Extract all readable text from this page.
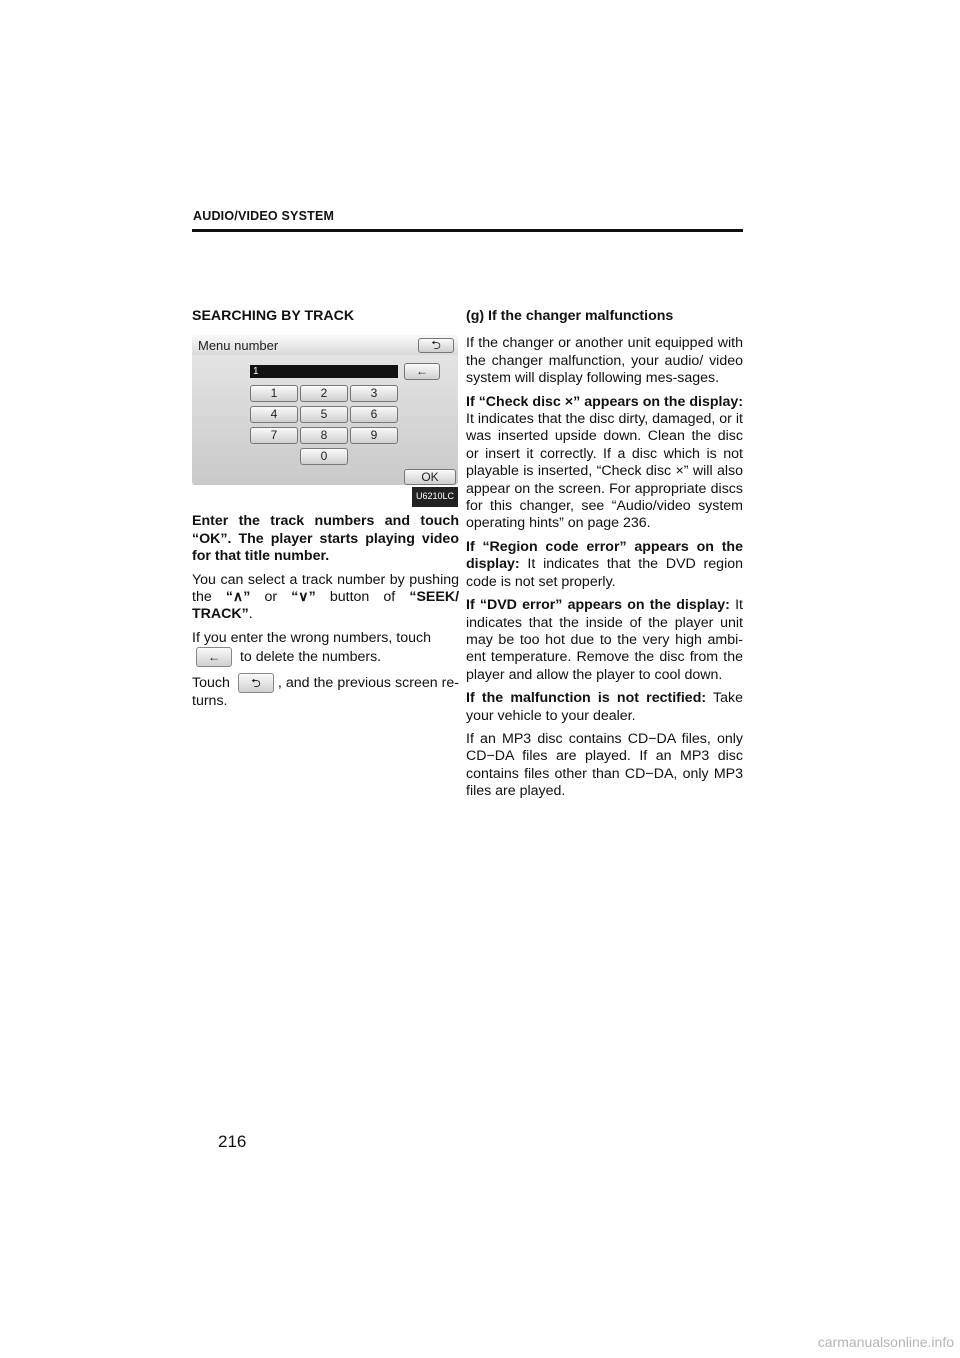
AUDIO/VIDEO SYSTEM
SEARCHING BY TRACK
Menu number	⮌
1	←
1	2	3
4	5	6
7	8	9
0
OK
U6210LC

Enter the track numbers and touch “OK”. The player starts playing video for that title number.

You can select a track number by pushing the “∧” or “∨” button of “SEEK/ TRACK”.

If you enter the wrong numbers, touch
← to delete the numbers.

Touch ⮌ , and the previous screen re-turns.

(g) If the changer malfunctions

If the changer or another unit equipped with the changer malfunction, your audio/ video system will display following mes-sages.

If “Check disc ×” appears on the display: It indicates that the disc dirty, damaged, or it was inserted upside down. Clean the disc or insert it correctly. If a disc which is not playable is inserted, “Check disc ×” will also appear on the screen. For appropriate discs for this changer, see “Audio/video system operating hints” on page 236.

If “Region code error” appears on the display: It indicates that the DVD region code is not set properly.

If “DVD error” appears on the display: It indicates that the inside of the player unit may be too hot due to the very high ambi-ent temperature. Remove the disc from the player and allow the player to cool down.

If the malfunction is not rectified: Take your vehicle to your dealer.

If an MP3 disc contains CD−DA files, only CD−DA files are played. If an MP3 disc contains files other than CD−DA, only MP3 files are played.

216
carmanualsonline.info
